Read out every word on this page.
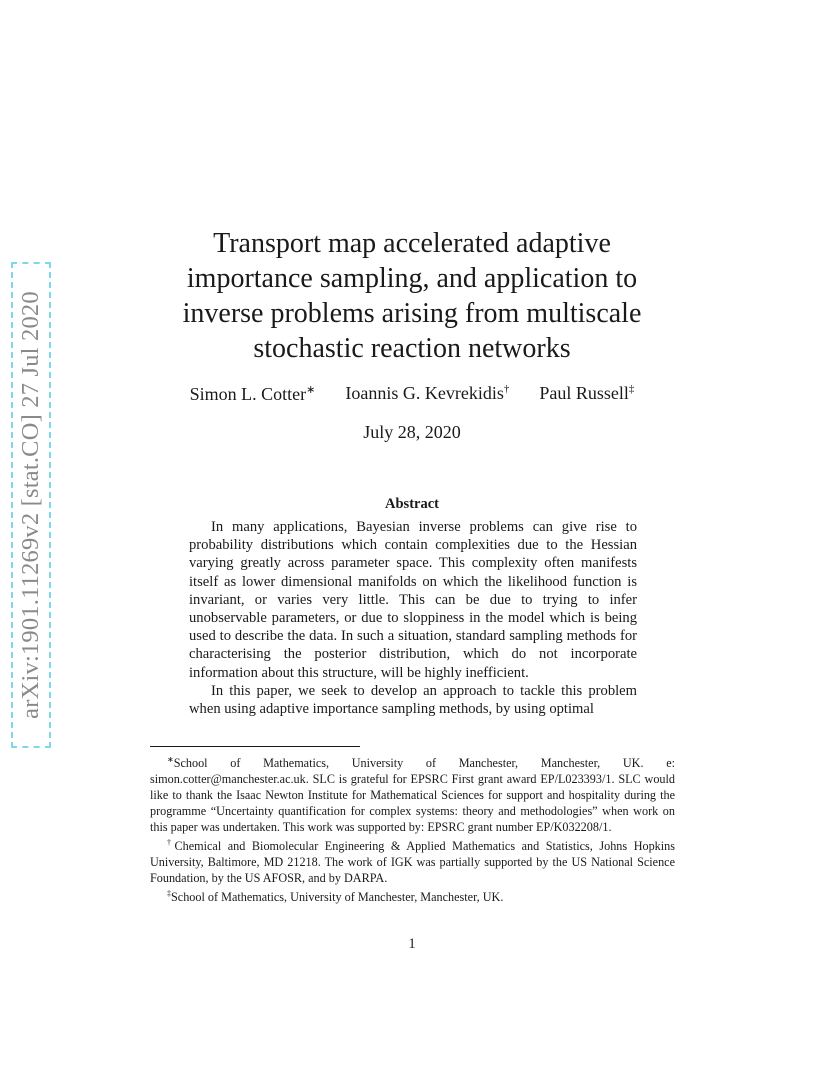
arXiv:1901.11269v2 [stat.CO] 27 Jul 2020
Transport map accelerated adaptive importance sampling, and application to inverse problems arising from multiscale stochastic reaction networks
Simon L. Cotter∗ Ioannis G. Kevrekidis† Paul Russell‡
July 28, 2020
Abstract

In many applications, Bayesian inverse problems can give rise to probability distributions which contain complexities due to the Hessian varying greatly across parameter space. This complexity often manifests itself as lower dimensional manifolds on which the likelihood function is invariant, or varies very little. This can be due to trying to infer unobservable parameters, or due to sloppiness in the model which is being used to describe the data. In such a situation, standard sampling methods for characterising the posterior distribution, which do not incorporate information about this structure, will be highly inefficient.

In this paper, we seek to develop an approach to tackle this problem when using adaptive importance sampling methods, by using optimal

∗School of Mathematics, University of Manchester, Manchester, UK. e: simon.cotter@manchester.ac.uk. SLC is grateful for EPSRC First grant award EP/L023393/1. SLC would like to thank the Isaac Newton Institute for Mathematical Sciences for support and hospitality during the programme “Uncertainty quantification for complex systems: theory and methodologies” when work on this paper was undertaken. This work was supported by: EPSRC grant number EP/K032208/1.

†Chemical and Biomolecular Engineering & Applied Mathematics and Statistics, Johns Hopkins University, Baltimore, MD 21218. The work of IGK was partially supported by the US National Science Foundation, by the US AFOSR, and by DARPA.

‡School of Mathematics, University of Manchester, Manchester, UK.

1
